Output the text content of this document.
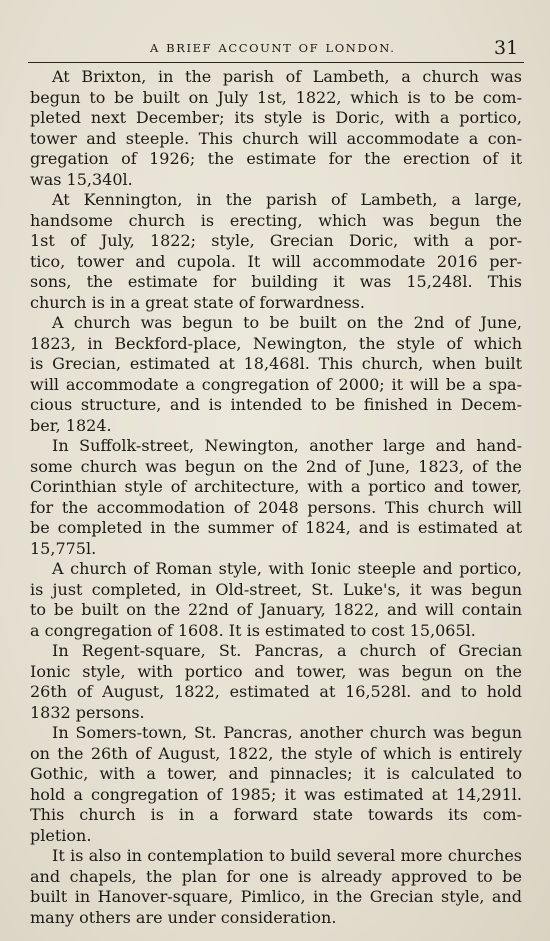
A BRIEF ACCOUNT OF LONDON.	31

At Brixton, in the parish of Lambeth, a church was
begun to be built on July 1st, 1822, which is to be com-
pleted next December; its style is Doric, with a portico,
tower and steeple. This church will accommodate a con-
gregation of 1926; the estimate for the erection of it
was 15,340l.

At Kennington, in the parish of Lambeth, a large,
handsome church is erecting, which was begun the
1st of July, 1822; style, Grecian Doric, with a por-
tico, tower and cupola. It will accommodate 2016 per-
sons, the estimate for building it was 15,248l. This
church is in a great state of forwardness.

A church was begun to be built on the 2nd of June,
1823, in Beckford-place, Newington, the style of which
is Grecian, estimated at 18,468l. This church, when built
will accommodate a congregation of 2000; it will be a spa-
cious structure, and is intended to be finished in Decem-
ber, 1824.

In Suffolk-street, Newington, another large and hand-
some church was begun on the 2nd of June, 1823, of the
Corinthian style of architecture, with a portico and tower,
for the accommodation of 2048 persons. This church will
be completed in the summer of 1824, and is estimated at
15,775l.

A church of Roman style, with Ionic steeple and portico,
is just completed, in Old-street, St. Luke's, it was begun
to be built on the 22nd of January, 1822, and will contain
a congregation of 1608. It is estimated to cost 15,065l.

In Regent-square, St. Pancras, a church of Grecian
Ionic style, with portico and tower, was begun on the
26th of August, 1822, estimated at 16,528l. and to hold
1832 persons.

In Somers-town, St. Pancras, another church was begun
on the 26th of August, 1822, the style of which is entirely
Gothic, with a tower, and pinnacles; it is calculated to
hold a congregation of 1985; it was estimated at 14,291l.
This church is in a forward state towards its com-
pletion.

It is also in contemplation to build several more churches
and chapels, the plan for one is already approved to be
built in Hanover-square, Pimlico, in the Grecian style, and
many others are under consideration.
